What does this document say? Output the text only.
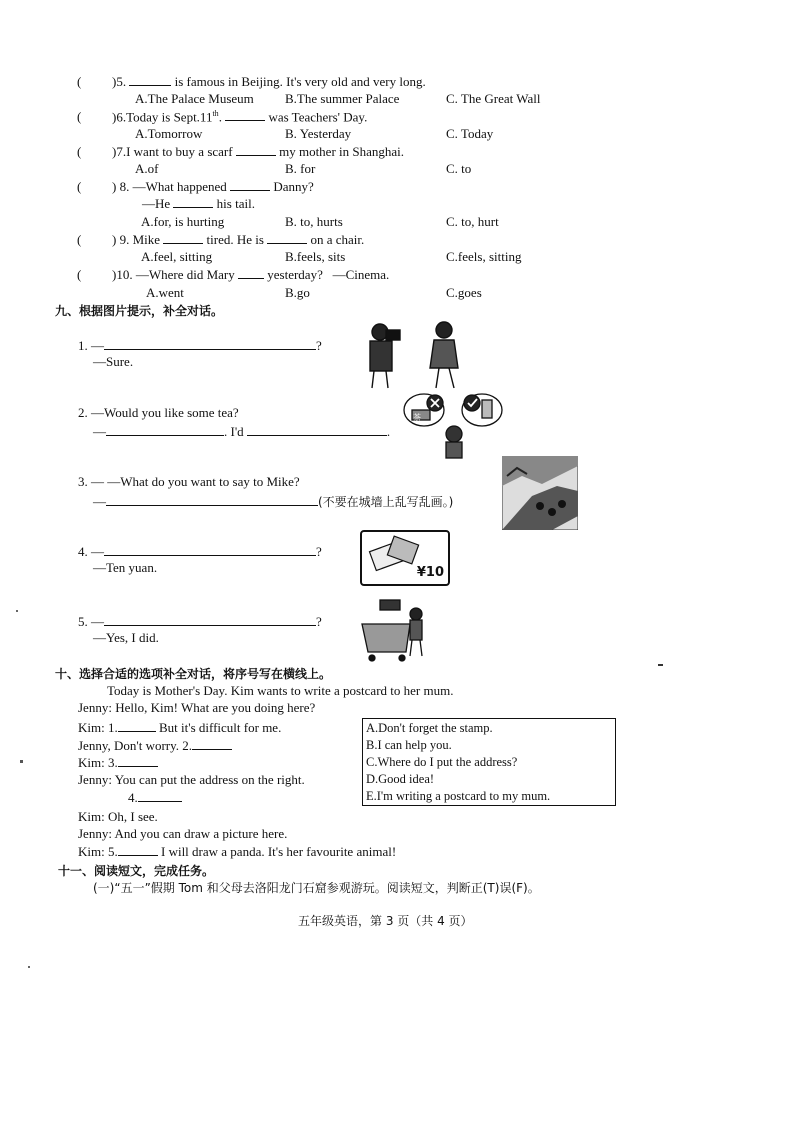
( )5.	is famous in Beijing. It's very old and very long.
A.The Palace Museum B.The summer Palace	C. The Great Wall
( )6.Today is Sept.11th.	was Teachers' Day.
A.Tomorrow	B. Yesterday	C. Today
( )7.I want to buy a scarf	my mother in Shanghai.
A.of	B. for	C. to
( ) 8. —What happened	Danny?
—He	his tail.
A.for, is hurting	B. to, hurts	C. to, hurt
( ) 9. Mike	tired. He is	on a chair.
A.feel, sitting	B.feels, sits	C.feels, sitting
( )10. —Where did Mary	yesterday? —Cinema.
A.went	B.go	C.goes
九、根据图片提示，补全对话。
1. —	?
—Sure.
2. —Would you like some tea?
—	. I'd	.
茶
3. — —What do you want to say to Mike?
—	(不要在城墙上乱写乱画。)
4. —	?
—Ten yuan.	¥10
5. —	?
—Yes, I did.
十、选择合适的选项补全对话，将序号写在横线上。
Today is Mother's Day. Kim wants to write a postcard to her mum.
Jenny: Hello, Kim! What are you doing here?
Kim: 1.	But it's difficult for me.
Jenny, Don't worry. 2.
Kim: 3.
Jenny: You can put the address on the right.
4.
Kim: Oh, I see.
Jenny: And you can draw a picture here.
Kim: 5.	I will draw a panda. It's her favourite animal!
A.Don't forget the stamp.
B.I can help you.
C.Where do I put the address?
D.Good idea!
E.I'm writing a postcard to my mum.
十一、阅读短文，完成任务。
(一)“五一”假期 Tom 和父母去洛阳龙门石窟参观游玩。阅读短文，判断正(T)误(F)。
五年级英语，第 3 页（共 4 页）
